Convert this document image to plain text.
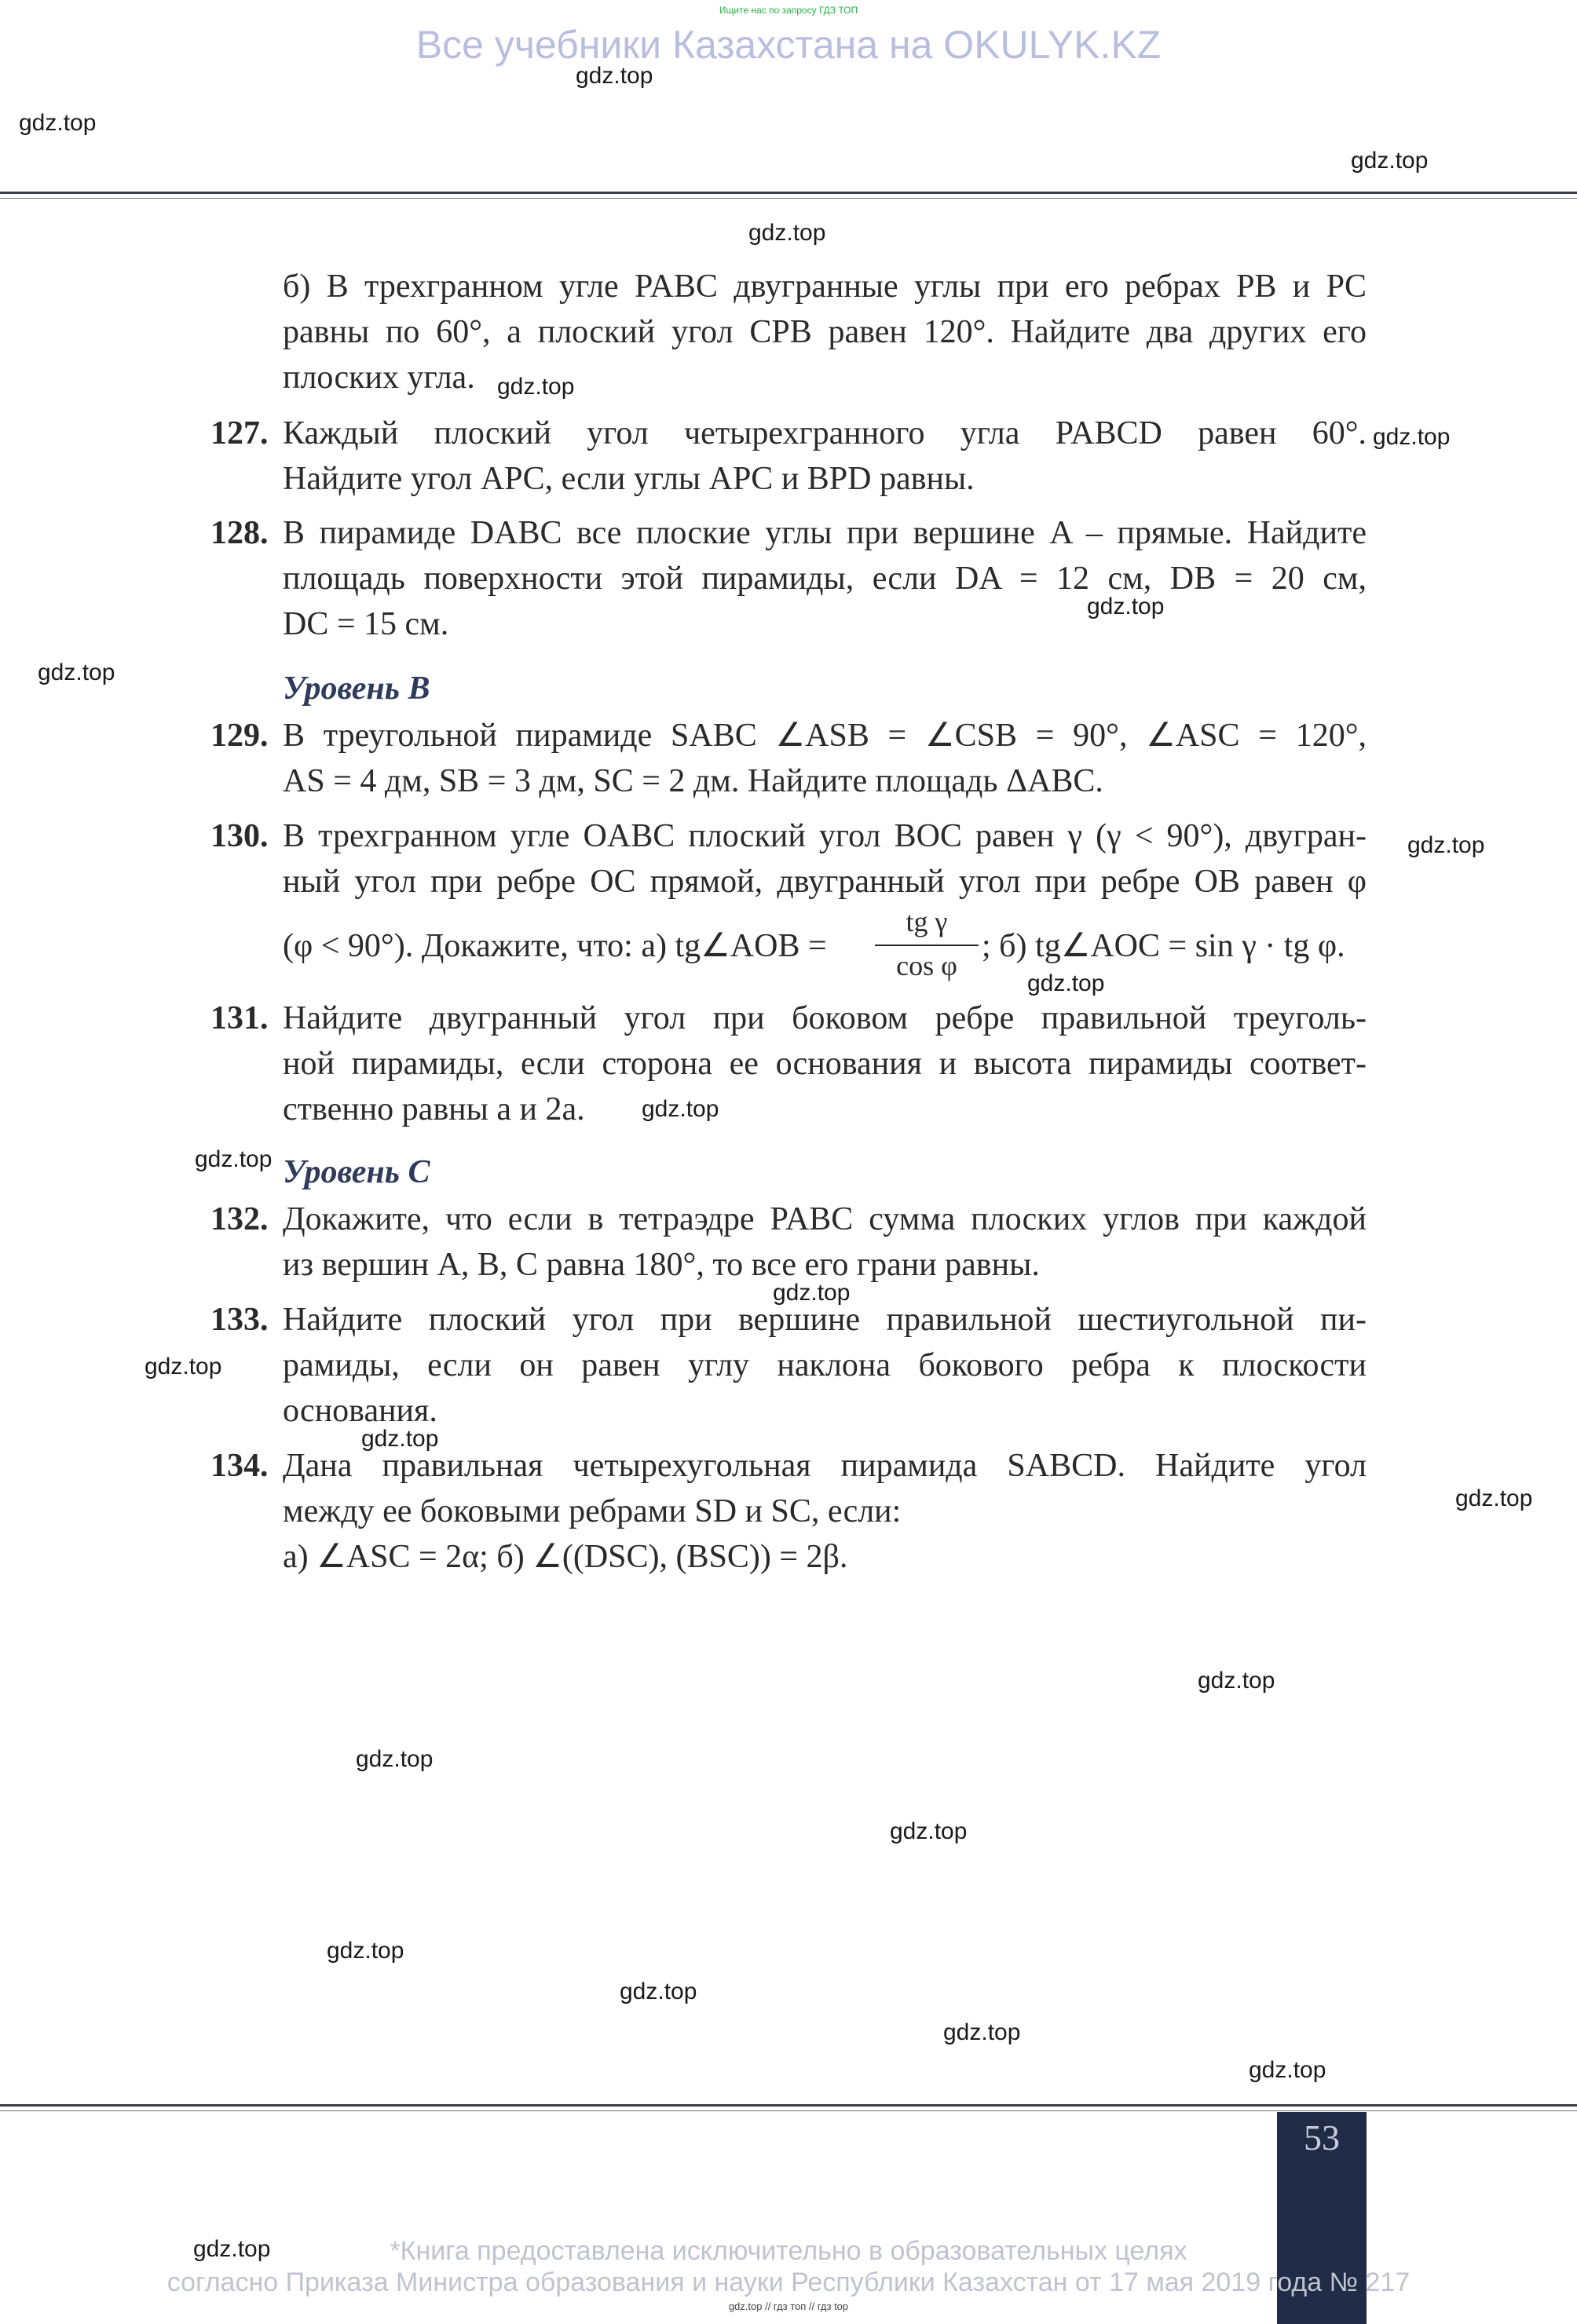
Ищите нас по запросу ГДЗ ТОП
Все учебники Казахстана на OKULYK.KZ
б) В трехгранном угле PABC двугранные углы при его ребрах PB и PC
равны по 60°, а плоский угол CPB равен 120°. Найдите два других его
плоских угла.
127. Каждый плоский угол четырехгранного угла PABCD равен 60°.
Найдите угол APC, если углы APC и BPD равны.
128. В пирамиде DABC все плоские углы при вершине A – прямые. Найдите
площадь поверхности этой пирамиды, если DA = 12 см, DB = 20 см,
DC = 15 см.
Уровень B
129. В треугольной пирамиде SABC ∠ASB = ∠CSB = 90°, ∠ASC = 120°,
AS = 4 дм, SB = 3 дм, SC = 2 дм. Найдите площадь ΔABC.
130. В трехгранном угле OABC плоский угол BOC равен γ (γ < 90°), двугран-
ный угол при ребре OC прямой, двугранный угол при ребре OB равен φ
(φ < 90°). Докажите, что: а) tg∠AOB =
tg γ
cos φ
; б) tg∠AOC = sin γ · tg φ.
131. Найдите двугранный угол при боковом ребре правильной треуголь-
ной пирамиды, если сторона ее основания и высота пирамиды соответ-
ственно равны a и 2a.
Уровень C
132. Докажите, что если в тетраэдре PABC сумма плоских углов при каждой
из вершин A, B, C равна 180°, то все его грани равны.
133. Найдите плоский угол при вершине правильной шестиугольной пи-
рамиды, если он равен углу наклона бокового ребра к плоскости
основания.
134. Дана правильная четырехугольная пирамида SABCD. Найдите угол
между ее боковыми ребрами SD и SC, если:
а) ∠ASC = 2α; б) ∠((DSC), (BSC)) = 2β.
53
*Книга предоставлена исключительно в образовательных целях
согласно Приказа Министра образования и науки Республики Казахстан от 17 мая 2019 года № 217
gdz.top // гдз топ // гдз top
gdz.top
gdz.top
gdz.top
gdz.top
gdz.top
gdz.top
gdz.top
gdz.top
gdz.top
gdz.top
gdz.top
gdz.top
gdz.top
gdz.top
gdz.top
gdz.top
gdz.top
gdz.top
gdz.top
gdz.top
gdz.top
gdz.top
gdz.top
gdz.top
